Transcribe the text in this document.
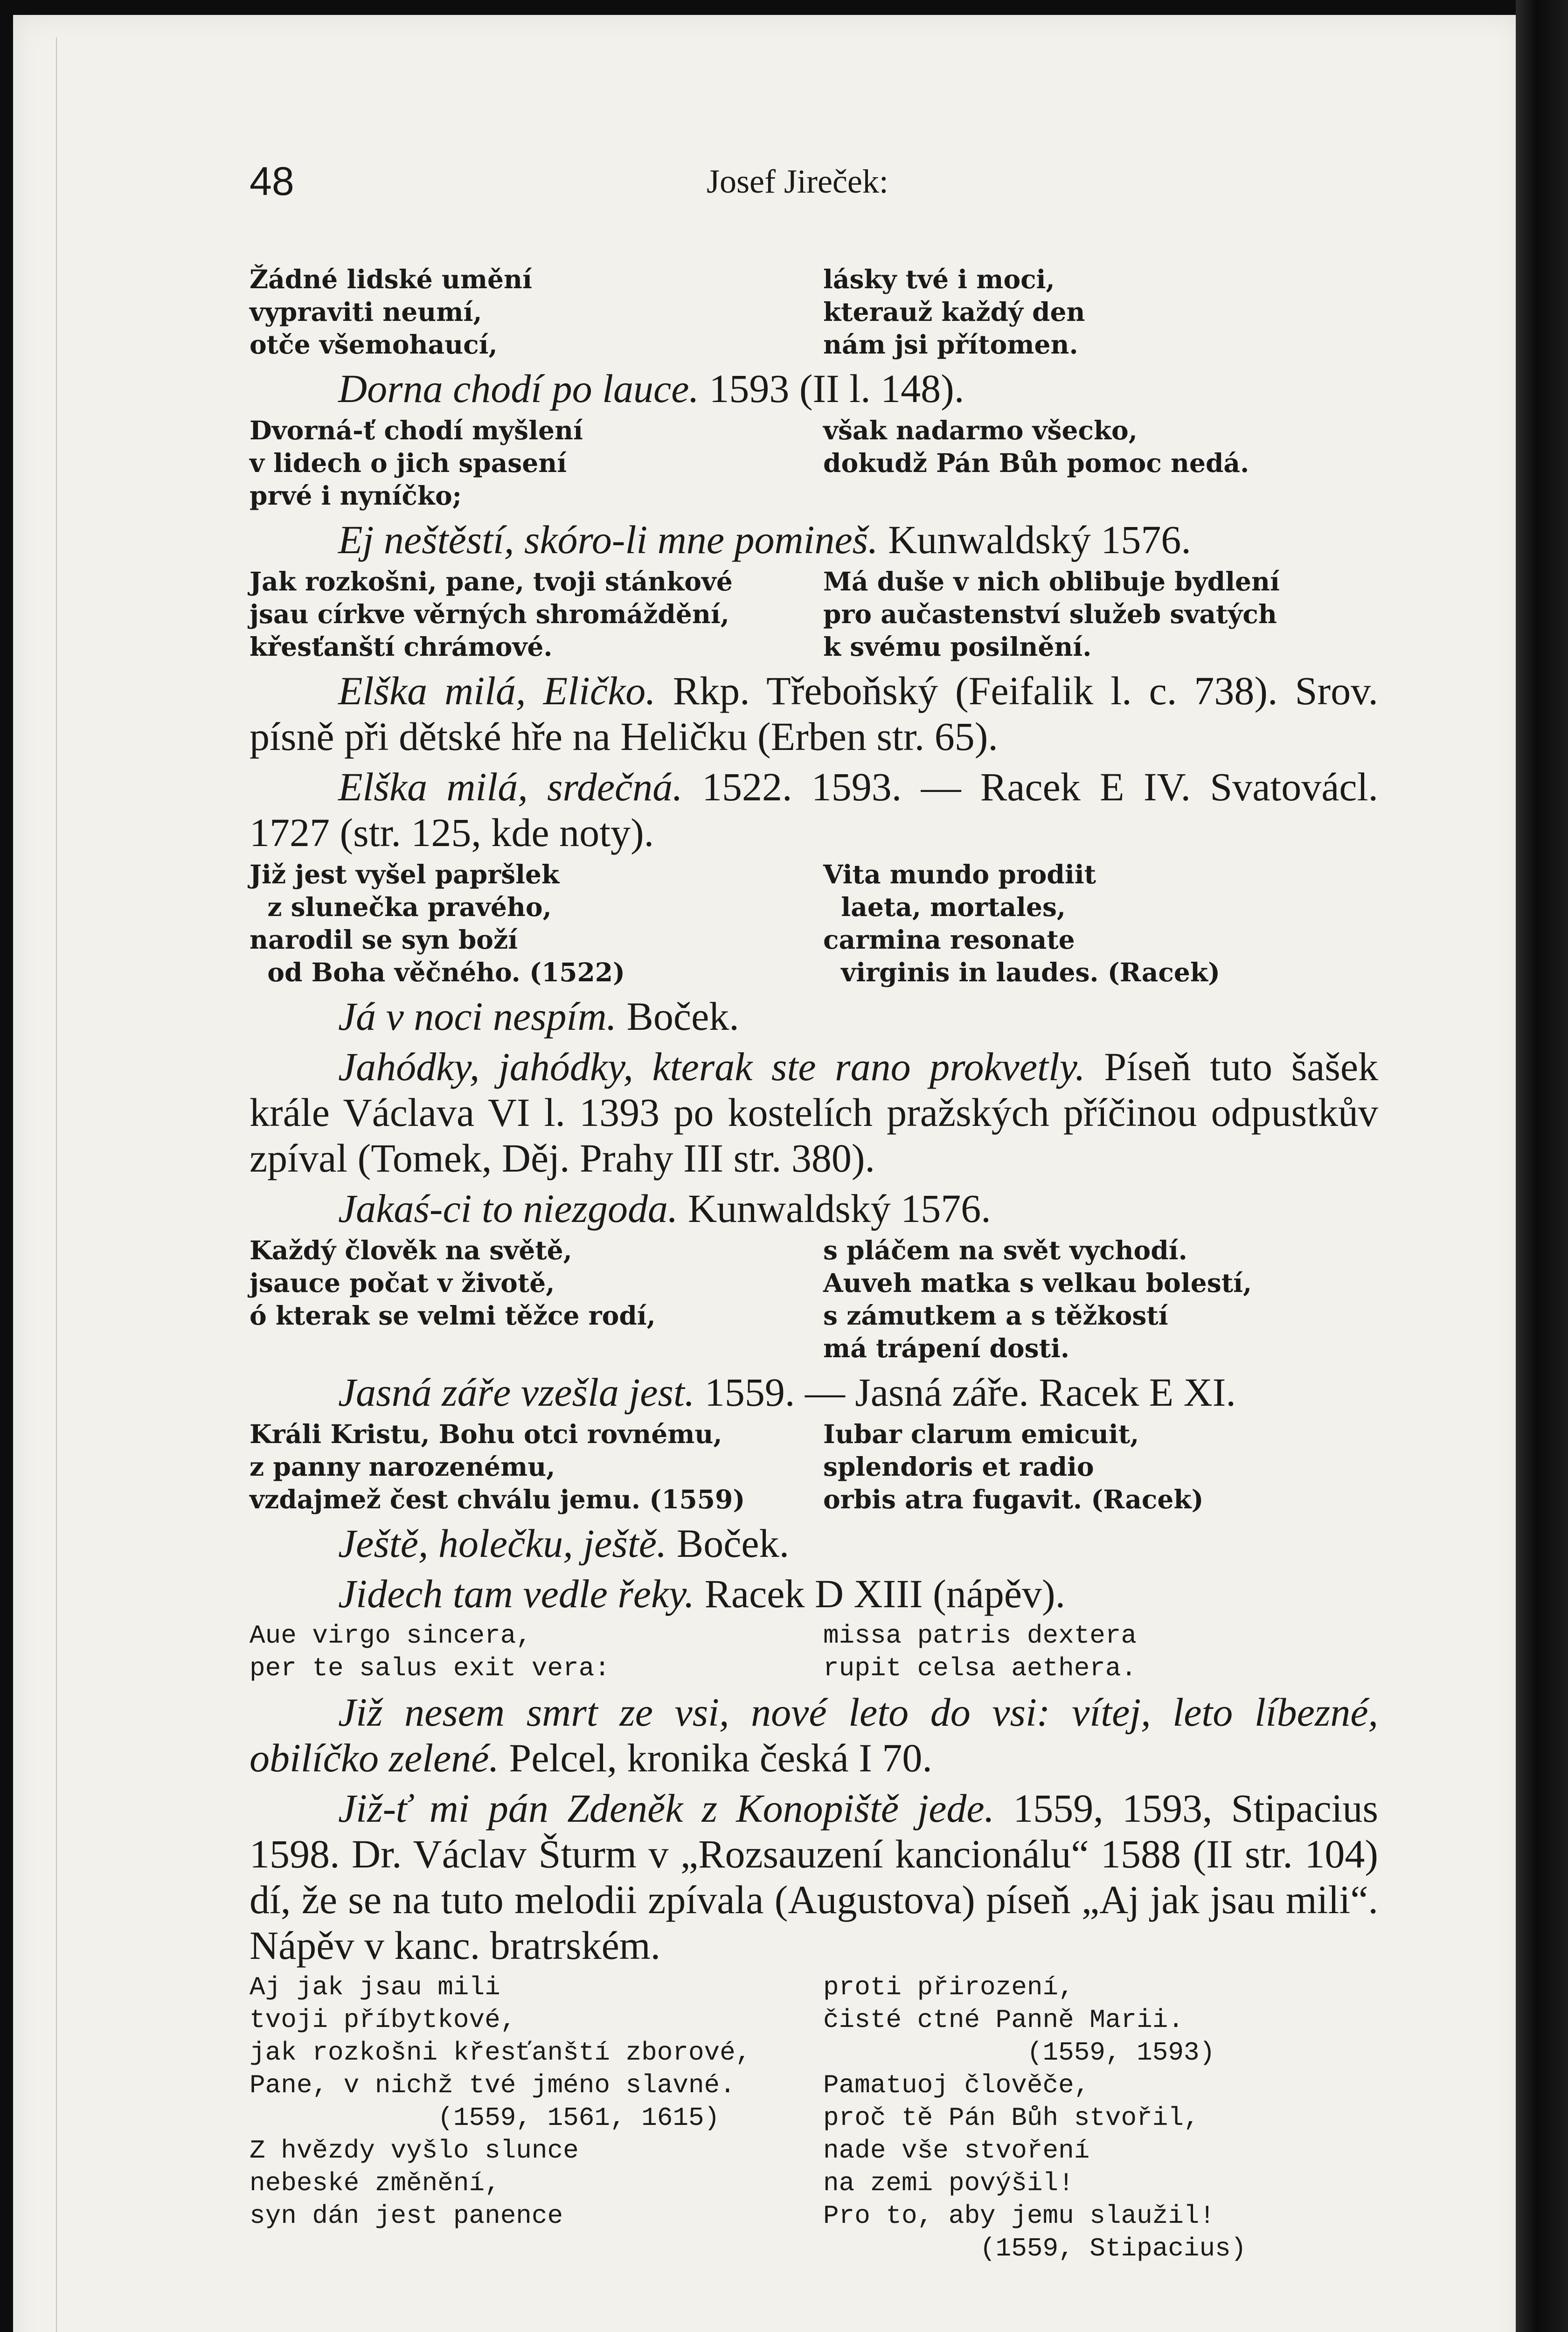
48	Josef Jireček:
Žádné lidské umění
vypraviti neumí,
otče všemohaucí,
lásky tvé i moci,
kterauž každý den
nám jsi přítomen.
Dorna chodí po lauce. 1593 (II l. 148).
Dvorná-ť chodí myšlení
v lidech o jich spasení
prvé i nyníčko;
však nadarmo všecko,
dokudž Pán Bůh pomoc nedá.

Ej neštěstí, skóro-li mne pomineš. Kunwaldský 1576.
Jak rozkošni, pane, tvoji stánkové
jsau církve věrných shromáždění,
křesťanští chrámové.
Má duše v nich oblibuje bydlení
pro aučastenství služeb svatých
k svému posilnění.
Elška milá, Eličko. Rkp. Třeboňský (Feifalik l. c. 738). Srov. písně při dětské hře na Heličku (Erben str. 65).
Elška milá, srdečná. 1522. 1593. — Racek E IV. Svatovácl. 1727 (str. 125, kde noty).
Již jest vyšel papršlek
z slunečka pravého,
narodil se syn boží
od Boha věčného. (1522)
Vita mundo prodiit
laeta, mortales,
carmina resonate
virginis in laudes. (Racek)
Já v noci nespím. Boček.
Jahódky, jahódky, kterak ste rano prokvetly. Píseň tuto šašek krále Václava VI l. 1393 po kostelích pražských příčinou odpustkův zpíval (Tomek, Děj. Prahy III str. 380).
Jakaś-ci to niezgoda. Kunwaldský 1576.
Každý člověk na světě,
jsauce počat v životě,
ó kterak se velmi těžce rodí,

s pláčem na svět vychodí.
Auveh matka s velkau bolestí,
s zámutkem a s těžkostí
má trápení dosti.
Jasná záře vzešla jest. 1559. — Jasná záře. Racek E XI.
Králi Kristu, Bohu otci rovnému,
z panny narozenému,
vzdajmež čest chválu jemu. (1559)
Iubar clarum emicuit,
splendoris et radio
orbis atra fugavit. (Racek)
Ještě, holečku, ještě. Boček.
Jidech tam vedle řeky. Racek D XIII (nápěv).
Aue virgo sincera,
per te salus exit vera:
missa patris dextera
rupit celsa aethera.
Již nesem smrt ze vsi, nové leto do vsi: vítej, leto líbezné, obilíčko zelené. Pelcel, kronika česká I 70.
Již-ť mi pán Zdeněk z Konopiště jede. 1559, 1593, Stipacius 1598. Dr. Václav Šturm v „Rozsauzení kancionálu“ 1588 (II str. 104) dí, že se na tuto melodii zpívala (Augustova) píseň „Aj jak jsau mili“. Nápěv v kanc. bratrském.
Aj jak jsau mili
tvoji příbytkové,
jak rozkošni křesťanští zborové,
Pane, v nichž tvé jméno slavné.
(1559, 1561, 1615)
Z hvězdy vyšlo slunce
nebeské změnění,
syn dán jest panence
proti přirození,
čisté ctné Panně Marii.
(1559, 1593)
Pamatuoj člověče,
proč tě Pán Bůh stvořil,
nade vše stvoření
na zemi povýšil!
Pro to, aby jemu slaužil!
(1559, Stipacius)
